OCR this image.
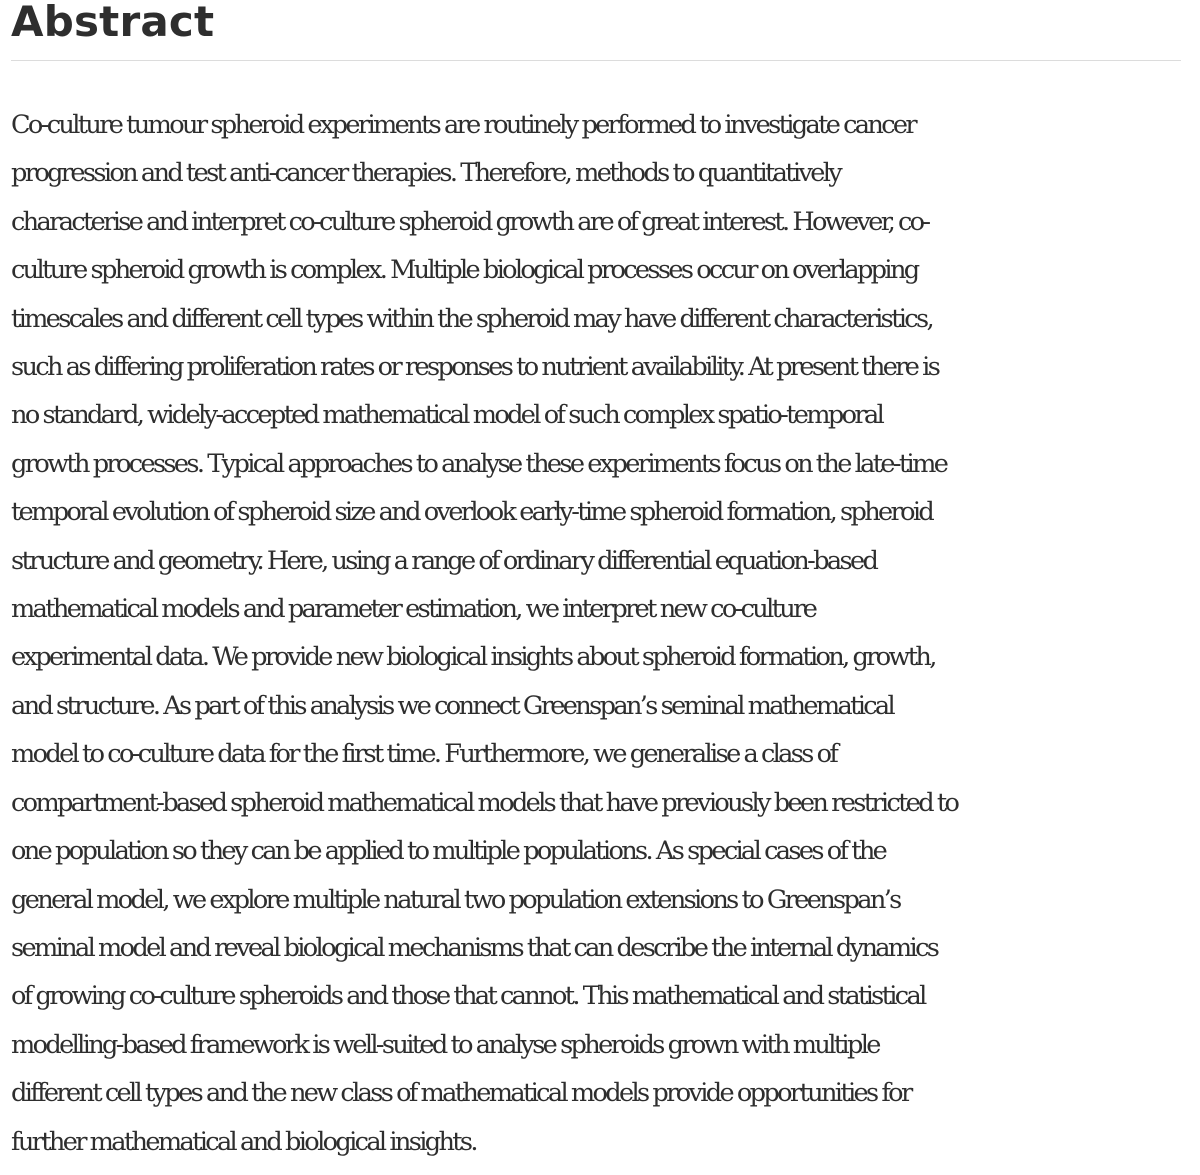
Abstract

Co-culture tumour spheroid experiments are routinely performed to investigate cancer
progression and test anti-cancer therapies. Therefore, methods to quantitatively
characterise and interpret co-culture spheroid growth are of great interest. However, co-
culture spheroid growth is complex. Multiple biological processes occur on overlapping
timescales and different cell types within the spheroid may have different characteristics,
such as differing proliferation rates or responses to nutrient availability. At present there is
no standard, widely-accepted mathematical model of such complex spatio-temporal
growth processes. Typical approaches to analyse these experiments focus on the late-time
temporal evolution of spheroid size and overlook early-time spheroid formation, spheroid
structure and geometry. Here, using a range of ordinary differential equation-based
mathematical models and parameter estimation, we interpret new co-culture
experimental data. We provide new biological insights about spheroid formation, growth,
and structure. As part of this analysis we connect Greenspan’s seminal mathematical
model to co-culture data for the first time. Furthermore, we generalise a class of
compartment-based spheroid mathematical models that have previously been restricted to
one population so they can be applied to multiple populations. As special cases of the
general model, we explore multiple natural two population extensions to Greenspan’s
seminal model and reveal biological mechanisms that can describe the internal dynamics
of growing co-culture spheroids and those that cannot. This mathematical and statistical
modelling-based framework is well-suited to analyse spheroids grown with multiple
different cell types and the new class of mathematical models provide opportunities for
further mathematical and biological insights.
